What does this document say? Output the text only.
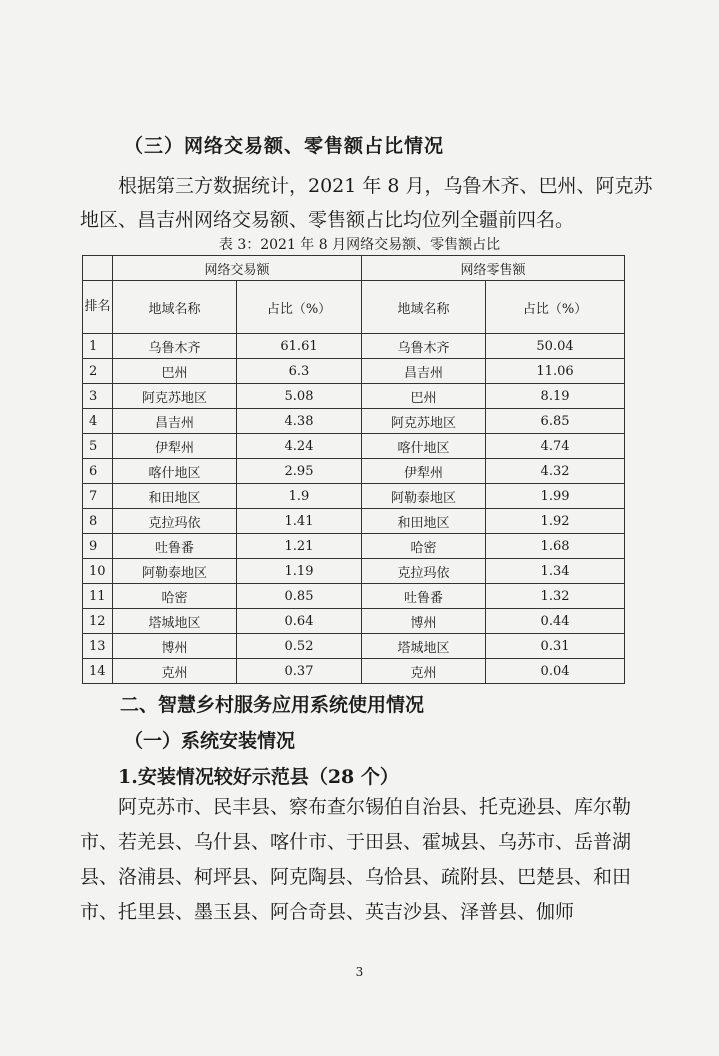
（三）网络交易额、零售额占比情况
根据第三方数据统计，2021 年 8 月，乌鲁木齐、巴州、阿克苏地区、昌吉州网络交易额、零售额占比均位列全疆前四名。
表 3：2021 年 8 月网络交易额、零售额占比
	网络交易额		网络零售额	
排名	地域名称	占比（%）	地域名称	占比（%）
1	乌鲁木齐	61.61	乌鲁木齐	50.04
2	巴州	6.3	昌吉州	11.06
3	阿克苏地区	5.08	巴州	8.19
4	昌吉州	4.38	阿克苏地区	6.85
5	伊犁州	4.24	喀什地区	4.74
6	喀什地区	2.95	伊犁州	4.32
7	和田地区	1.9	阿勒泰地区	1.99
8	克拉玛依	1.41	和田地区	1.92
9	吐鲁番	1.21	哈密	1.68
10	阿勒泰地区	1.19	克拉玛依	1.34
11	哈密	0.85	吐鲁番	1.32
12	塔城地区	0.64	博州	0.44
13	博州	0.52	塔城地区	0.31
14	克州	0.37	克州	0.04
二、智慧乡村服务应用系统使用情况
（一）系统安装情况
1.安装情况较好示范县（28 个）
阿克苏市、民丰县、察布查尔锡伯自治县、托克逊县、库尔勒市、若羌县、乌什县、喀什市、于田县、霍城县、乌苏市、岳普湖县、洛浦县、柯坪县、阿克陶县、乌恰县、疏附县、巴楚县、和田市、托里县、墨玉县、阿合奇县、英吉沙县、泽普县、伽师
3
